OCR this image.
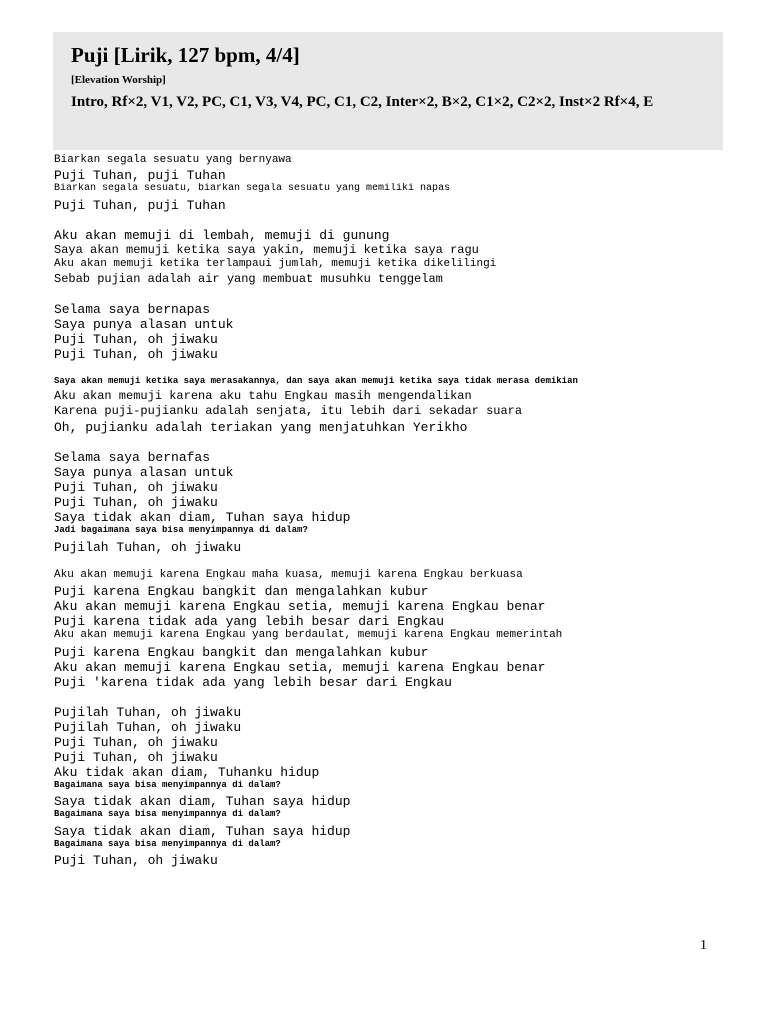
Puji [Lirik, 127 bpm, 4/4]
[Elevation Worship]
Intro, Rf×2, V1, V2, PC, C1, V3, V4, PC, C1, C2, Inter×2, B×2, C1×2, C2×2, Inst×2 Rf×4, E
Biarkan segala sesuatu yang bernyawa
Puji Tuhan, puji Tuhan
Biarkan segala sesuatu, biarkan segala sesuatu yang memiliki napas
Puji Tuhan, puji Tuhan
Aku akan memuji di lembah, memuji di gunung
Saya akan memuji ketika saya yakin, memuji ketika saya ragu
Aku akan memuji ketika terlampaui jumlah, memuji ketika dikelilingi
Sebab pujian adalah air yang membuat musuhku tenggelam
Selama saya bernapas
Saya punya alasan untuk
Puji Tuhan, oh jiwaku
Puji Tuhan, oh jiwaku
Saya akan memuji ketika saya merasakannya, dan saya akan memuji ketika saya tidak merasa demikian
Aku akan memuji karena aku tahu Engkau masih mengendalikan
Karena puji-pujianku adalah senjata, itu lebih dari sekadar suara
Oh, pujianku adalah teriakan yang menjatuhkan Yerikho
Selama saya bernafas
Saya punya alasan untuk
Puji Tuhan, oh jiwaku
Puji Tuhan, oh jiwaku
Saya tidak akan diam, Tuhan saya hidup
Jadi bagaimana saya bisa menyimpannya di dalam?
Pujilah Tuhan, oh jiwaku
Aku akan memuji karena Engkau maha kuasa, memuji karena Engkau berkuasa
Puji karena Engkau bangkit dan mengalahkan kubur
Aku akan memuji karena Engkau setia, memuji karena Engkau benar
Puji karena tidak ada yang lebih besar dari Engkau
Aku akan memuji karena Engkau yang berdaulat, memuji karena Engkau memerintah
Puji karena Engkau bangkit dan mengalahkan kubur
Aku akan memuji karena Engkau setia, memuji karena Engkau benar
Puji 'karena tidak ada yang lebih besar dari Engkau
Pujilah Tuhan, oh jiwaku
Pujilah Tuhan, oh jiwaku
Puji Tuhan, oh jiwaku
Puji Tuhan, oh jiwaku
Aku tidak akan diam, Tuhanku hidup
Bagaimana saya bisa menyimpannya di dalam?
Saya tidak akan diam, Tuhan saya hidup
Bagaimana saya bisa menyimpannya di dalam?
Saya tidak akan diam, Tuhan saya hidup
Bagaimana saya bisa menyimpannya di dalam?
Puji Tuhan, oh jiwaku
1
